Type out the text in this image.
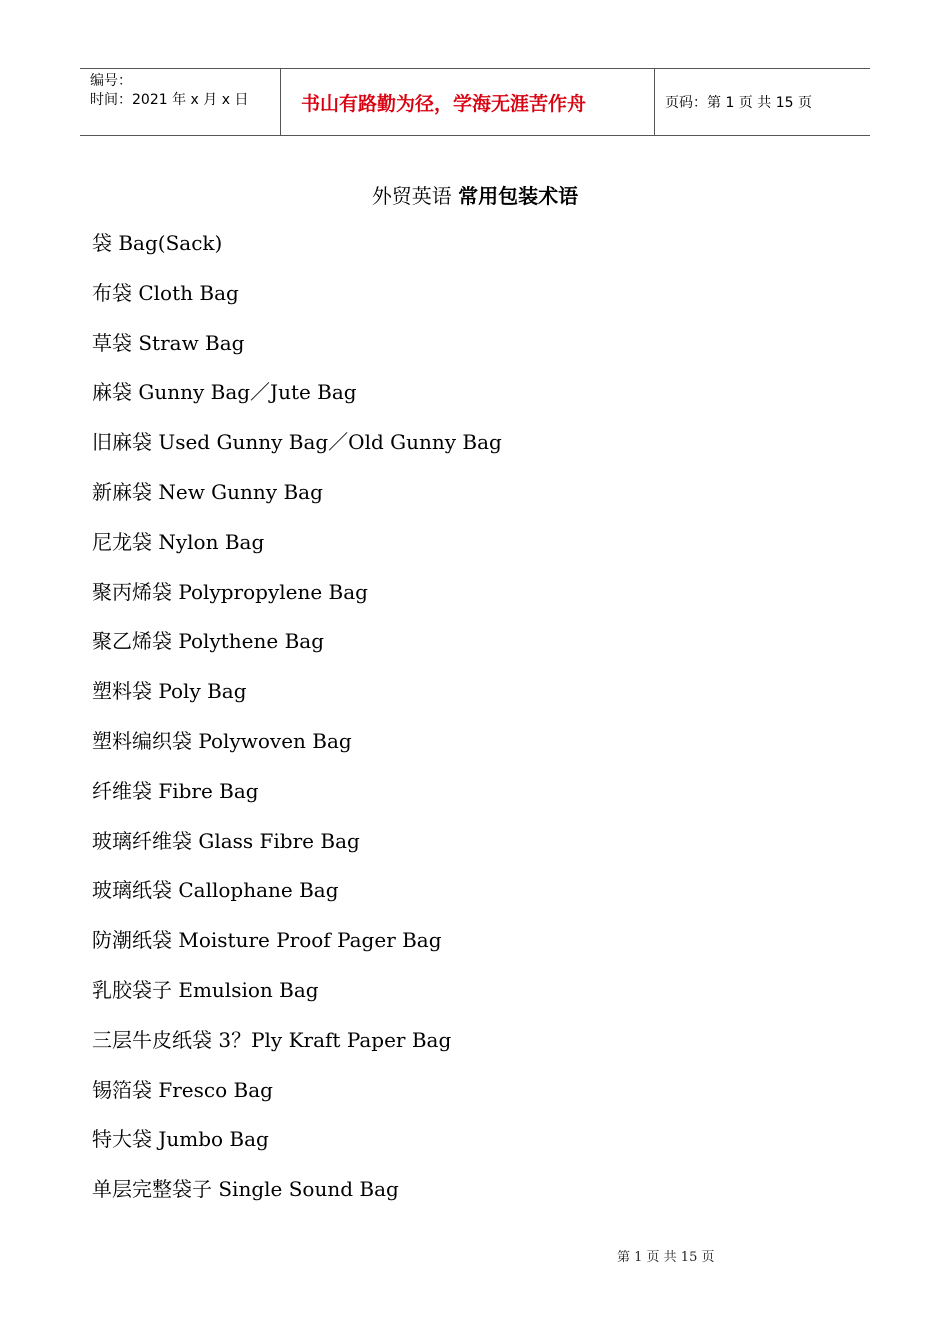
编号：
时间：2021 年 x 月 x 日	书山有路勤为径，学海无涯苦作舟	页码：第 1 页 共 15 页
外贸英语 常用包装术语
袋 Bag(Sack)
布袋 Cloth Bag
草袋 Straw Bag
麻袋 Gunny Bag／Jute Bag
旧麻袋 Used Gunny Bag／Old Gunny Bag
新麻袋 New Gunny Bag
尼龙袋 Nylon Bag
聚丙烯袋 Polypropylene Bag
聚乙烯袋 Polythene Bag
塑料袋 Poly Bag
塑料编织袋 Polywoven Bag
纤维袋 Fibre Bag
玻璃纤维袋 Glass Fibre Bag
玻璃纸袋 Callophane Bag
防潮纸袋 Moisture Proof Pager Bag
乳胶袋子 Emulsion Bag
三层牛皮纸袋 3？Ply Kraft Paper Bag
锡箔袋 Fresco Bag
特大袋 Jumbo Bag
单层完整袋子 Single Sound Bag
第 1 页 共 15 页
